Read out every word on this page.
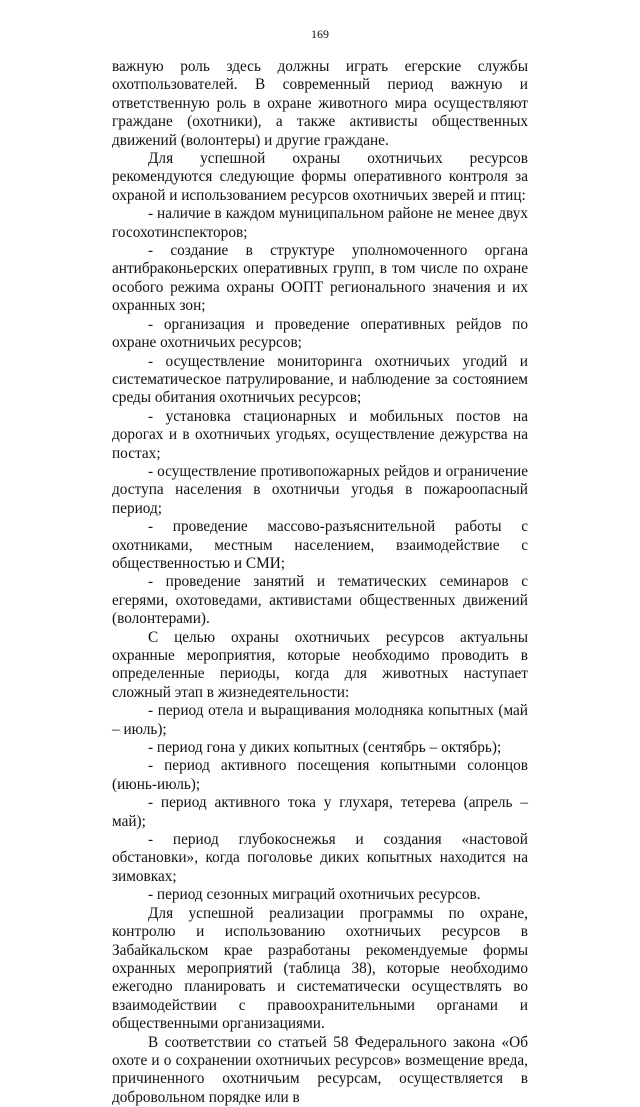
169

важную роль здесь должны играть егерские службы охотпользователей. В современный период важную и ответственную роль в охране животного мира осуществляют граждане (охотники), а также активисты общественных движений (волонтеры) и другие граждане.

Для успешной охраны охотничьих ресурсов рекомендуются следующие формы оперативного контроля за охраной и использованием ресурсов охотничьих зверей и птиц:

- наличие в каждом муниципальном районе не менее двух госохотинспекторов;

- создание в структуре уполномоченного органа антибраконьерских оперативных групп, в том числе по охране особого режима охраны ООПТ регионального значения и их охранных зон;

- организация и проведение оперативных рейдов по охране охотничьих ресурсов;

- осуществление мониторинга охотничьих угодий и систематическое патрулирование, и наблюдение за состоянием среды обитания охотничьих ресурсов;

- установка стационарных и мобильных постов на дорогах и в охотничьих угодьях, осуществление дежурства на постах;

- осуществление противопожарных рейдов и ограничение доступа населения в охотничьи угодья в пожароопасный период;

- проведение массово-разъяснительной работы с охотниками, местным населением, взаимодействие с общественностью и СМИ;

- проведение занятий и тематических семинаров с егерями, охотоведами, активистами общественных движений (волонтерами).

С целью охраны охотничьих ресурсов актуальны охранные мероприятия, которые необходимо проводить в определенные периоды, когда для животных наступает сложный этап в жизнедеятельности:

- период отела и выращивания молодняка копытных (май – июль);

- период гона у диких копытных (сентябрь – октябрь);

- период активного посещения копытными солонцов (июнь-июль);

- период активного тока у глухаря, тетерева (апрель – май);

- период глубокоснежья и создания «настовой обстановки», когда поголовье диких копытных находится на зимовках;

- период сезонных миграций охотничьих ресурсов.

Для успешной реализации программы по охране, контролю и использованию охотничьих ресурсов в Забайкальском крае разработаны рекомендуемые формы охранных мероприятий (таблица 38), которые необходимо ежегодно планировать и систематически осуществлять во взаимодействии с правоохранительными органами и общественными организациями.

В соответствии со статьей 58 Федерального закона «Об охоте и о сохранении охотничьих ресурсов» возмещение вреда, причиненного охотничьим ресурсам, осуществляется в добровольном порядке или в
